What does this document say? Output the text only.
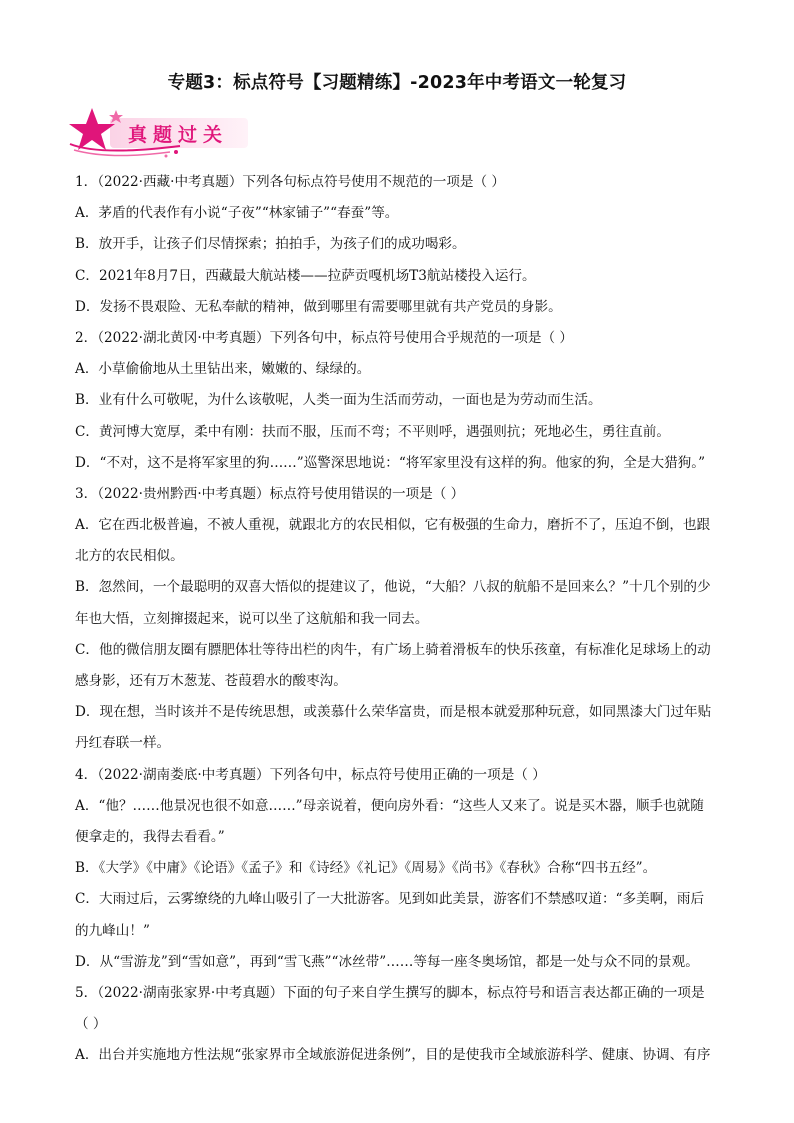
专题3：标点符号【习题精练】-2023年中考语文一轮复习
真题过关
1．（2022·西藏·中考真题）下列各句标点符号使用不规范的一项是（ ）
A．茅盾的代表作有小说“子夜”“林家铺子”“春蚕”等。
B．放开手，让孩子们尽情探索；拍拍手，为孩子们的成功喝彩。
C．2021年8月7日，西藏最大航站楼——拉萨贡嘎机场T3航站楼投入运行。
D．发扬不畏艰险、无私奉献的精神，做到哪里有需要哪里就有共产党员的身影。
2．（2022·湖北黄冈·中考真题）下列各句中，标点符号使用合乎规范的一项是（ ）
A．小草偷偷地从土里钻出来，嫩嫩的、绿绿的。
B．业有什么可敬呢，为什么该敬呢，人类一面为生活而劳动，一面也是为劳动而生活。
C．黄河博大宽厚，柔中有刚：扶而不服，压而不弯；不平则呼，遇强则抗；死地必生，勇往直前。
D．“不对，这不是将军家里的狗……”巡警深思地说：“将军家里没有这样的狗。他家的狗，全是大猎狗。”
3．（2022·贵州黔西·中考真题）标点符号使用错误的一项是（ ）
A．它在西北极普遍，不被人重视，就跟北方的农民相似，它有极强的生命力，磨折不了，压迫不倒，也跟
北方的农民相似。
B．忽然间，一个最聪明的双喜大悟似的提建议了，他说，“大船？八叔的航船不是回来么？”十几个别的少
年也大悟，立刻撺掇起来，说可以坐了这航船和我一同去。
C．他的微信朋友圈有膘肥体壮等待出栏的肉牛，有广场上骑着滑板车的快乐孩童，有标准化足球场上的动
感身影，还有万木葱茏、苍葭碧水的酸枣沟。
D．现在想，当时该并不是传统思想，或羡慕什么荣华富贵，而是根本就爱那种玩意，如同黑漆大门过年贴
丹红春联一样。
4．（2022·湖南娄底·中考真题）下列各句中，标点符号使用正确的一项是（ ）
A．“他？……他景况也很不如意……”母亲说着，便向房外看：“这些人又来了。说是买木器，顺手也就随
便拿走的，我得去看看。”
B．《大学》《中庸》《论语》《孟子》和《诗经》《礼记》《周易》《尚书》《春秋》合称“四书五经”。
C．大雨过后，云雾缭绕的九峰山吸引了一大批游客。见到如此美景，游客们不禁感叹道：“多美啊，雨后
的九峰山！”
D．从“雪游龙”到“雪如意”，再到“雪飞燕”“冰丝带”……等每一座冬奥场馆，都是一处与众不同的景观。
5．（2022·湖南张家界·中考真题）下面的句子来自学生撰写的脚本，标点符号和语言表达都正确的一项是
（ ）
A．出台并实施地方性法规“张家界市全域旅游促进条例”，目的是使我市全域旅游科学、健康、协调、有序
